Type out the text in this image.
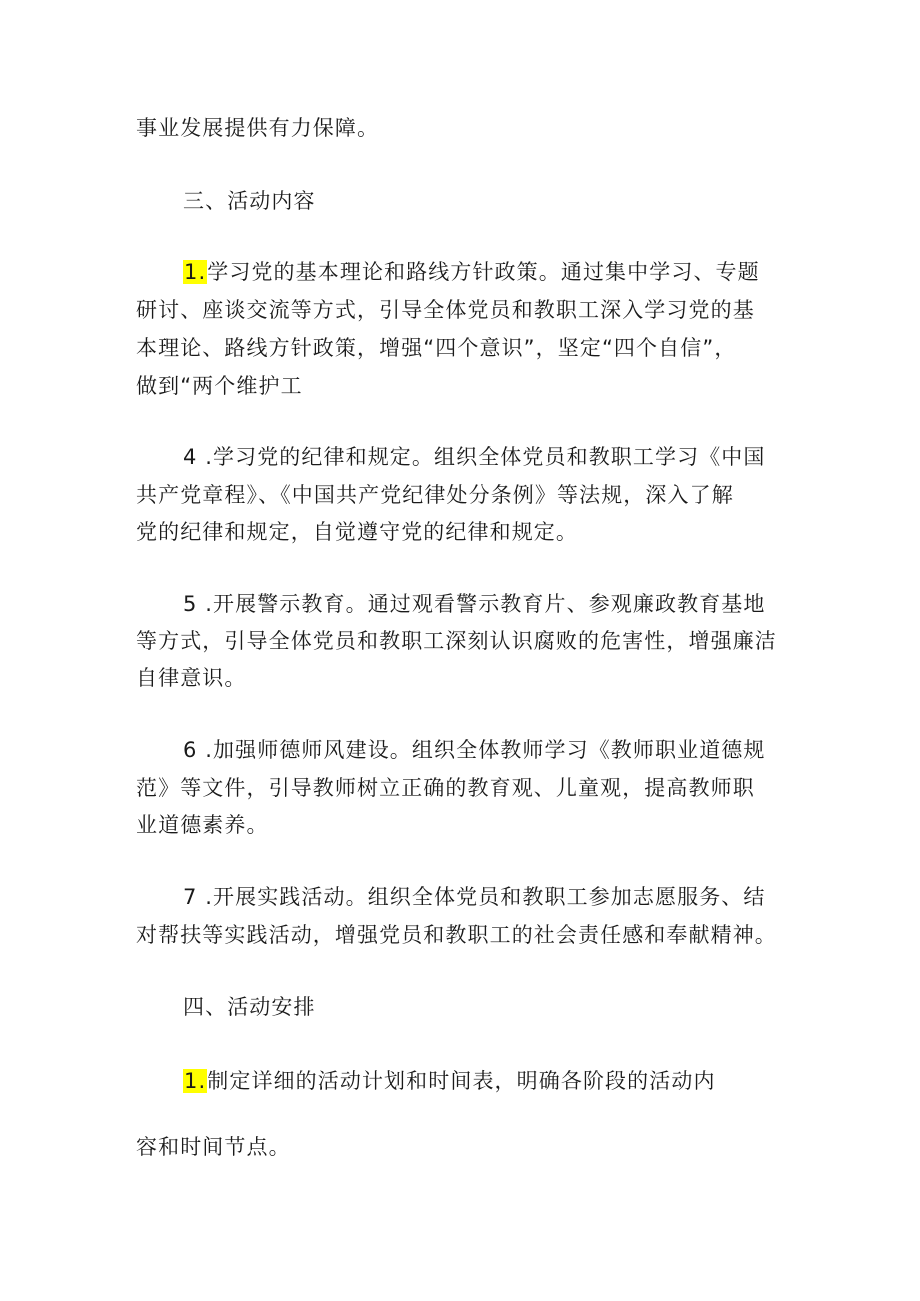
事业发展提供有力保障。
三、活动内容
1.学习党的基本理论和路线方针政策。通过集中学习、专题
研讨、座谈交流等方式，引导全体党员和教职工深入学习党的基
本理论、路线方针政策，增强“四个意识”，坚定“四个自信”，
做到“两个维护工
4 .学习党的纪律和规定。组织全体党员和教职工学习《中国
共产党章程》、《中国共产党纪律处分条例》等法规，深入了解
党的纪律和规定，自觉遵守党的纪律和规定。
5 .开展警示教育。通过观看警示教育片、参观廉政教育基地
等方式，引导全体党员和教职工深刻认识腐败的危害性，增强廉洁
自律意识。
6 .加强师德师风建设。组织全体教师学习《教师职业道德规
范》等文件，引导教师树立正确的教育观、儿童观，提高教师职
业道德素养。
7 .开展实践活动。组织全体党员和教职工参加志愿服务、结
对帮扶等实践活动，增强党员和教职工的社会责任感和奉献精神。
四、活动安排
1.制定详细的活动计划和时间表，明确各阶段的活动内
容和时间节点。
